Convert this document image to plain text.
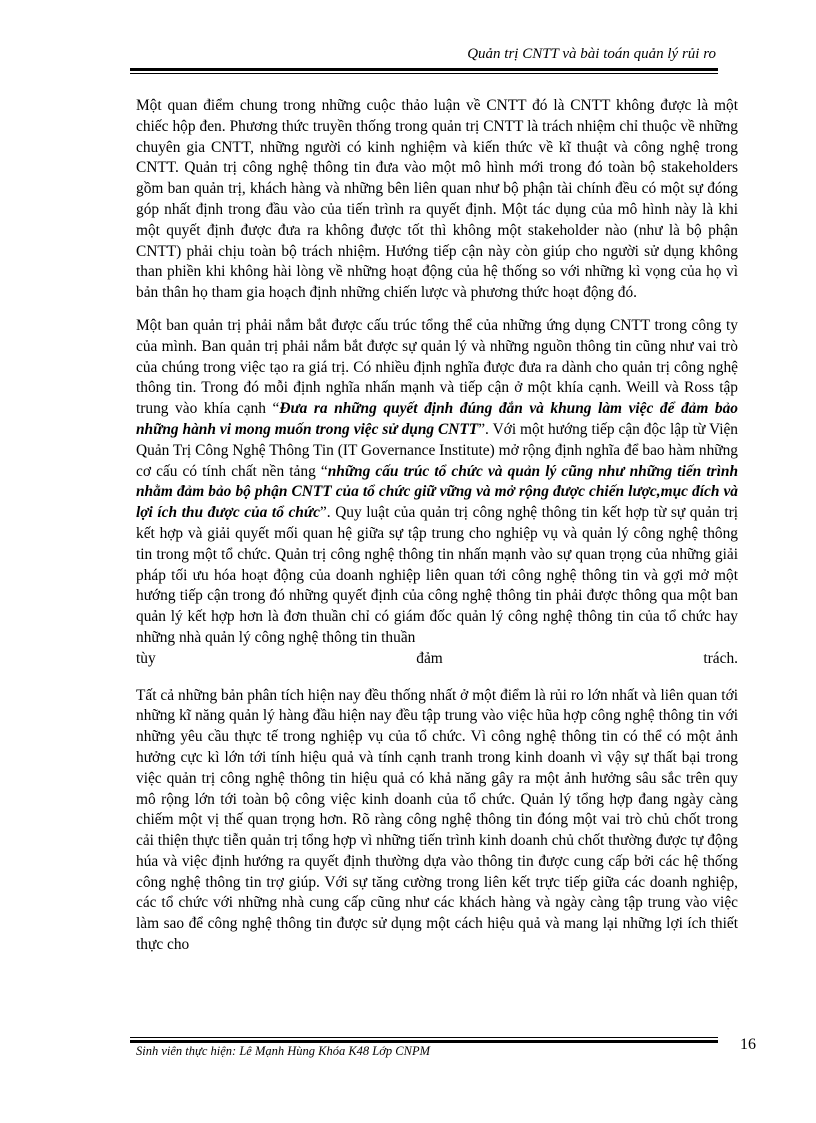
Quản trị CNTT và bài toán quản lý rủi ro

Một quan điểm chung trong những cuộc thảo luận về CNTT đó là CNTT không được là một chiếc hộp đen. Phương thức truyền thống trong quản trị CNTT là trách nhiệm chỉ thuộc về những chuyên gia CNTT, những người có kinh nghiệm và kiến thức về kĩ thuật và công nghệ trong CNTT. Quản trị công nghệ thông tin đưa vào một mô hình mới trong đó toàn bộ stakeholders gồm ban quản trị, khách hàng và những bên liên quan như bộ phận tài chính đều có một sự đóng góp nhất định trong đầu vào của tiến trình ra quyết định. Một tác dụng của mô hình này là khi một quyết định được đưa ra không được tốt thì không một stakeholder nào (như là bộ phận CNTT) phải chịu toàn bộ trách nhiệm. Hướng tiếp cận này còn giúp cho người sử dụng không than phiền khi không hài lòng về những hoạt động của hệ thống so với những kì vọng của họ vì bản thân họ tham gia hoạch định những chiến lược và phương thức hoạt động đó.

Một ban quản trị phải nắm bắt được cấu trúc tổng thể của những ứng dụng CNTT trong công ty của mình. Ban quản trị phải nắm bắt được sự quản lý và những nguồn thông tin cũng như vai trò của chúng trong việc tạo ra giá trị. Có nhiều định nghĩa được đưa ra dành cho quản trị công nghệ thông tin. Trong đó mỗi định nghĩa nhấn mạnh và tiếp cận ở một khía cạnh. Weill và Ross tập trung vào khía cạnh “Đưa ra những quyết định đúng đắn và khung làm việc để đảm bảo những hành vi mong muốn trong việc sử dụng CNTT”. Với một hướng tiếp cận độc lập từ Viện Quản Trị Công Nghệ Thông Tin (IT Governance Institute) mở rộng định nghĩa để bao hàm những cơ cấu có tính chất nền tảng “những cấu trúc tổ chức và quản lý cũng như những tiến trình nhằm đảm bảo bộ phận CNTT của tổ chức giữ vững và mở rộng được chiến lược,mục đích và lợi ích thu được của tổ chức”. Quy luật của quản trị công nghệ thông tin kết hợp từ sự quản trị kết hợp và giải quyết mối quan hệ giữa sự tập trung cho nghiệp vụ và quản lý công nghệ thông tin trong một tổ chức. Quản trị công nghệ thông tin nhấn mạnh vào sự quan trọng của những giải pháp tối ưu hóa hoạt động của doanh nghiệp liên quan tới công nghệ thông tin và gợi mở một hướng tiếp cận trong đó những quyết định của công nghệ thông tin phải được thông qua một ban quản lý kết hợp hơn là đơn thuần chỉ có giám đốc quản lý công nghệ thông tin của tổ chức hay những nhà quản lý công nghệ thông tin thuần

tùy	đảm	trách.

Tất cả những bản phân tích hiện nay đều thống nhất ở một điểm là rủi ro lớn nhất và liên quan tới những kĩ năng quản lý hàng đầu hiện nay đều tập trung vào việc hũa hợp công nghệ thông tin với những yêu cầu thực tế trong nghiệp vụ của tổ chức. Vì công nghệ thông tin có thể có một ảnh hưởng cực kì lớn tới tính hiệu quả và tính cạnh tranh trong kinh doanh vì vậy sự thất bại trong việc quản trị công nghệ thông tin hiệu quả có khả năng gây ra một ảnh hưởng sâu sắc trên quy mô rộng lớn tới toàn bộ công việc kinh doanh của tổ chức. Quản lý tổng hợp đang ngày càng chiếm một vị thế quan trọng hơn. Rõ ràng công nghệ thông tin đóng một vai trò chủ chốt trong cải thiện thực tiễn quản trị tổng hợp vì những tiến trình kinh doanh chủ chốt thường được tự động húa và việc định hướng ra quyết định thường dựa vào thông tin được cung cấp bởi các hệ thống công nghệ thông tin trợ giúp. Với sự tăng cường trong liên kết trực tiếp giữa các doanh nghiệp, các tổ chức với những nhà cung cấp cũng như các khách hàng và ngày càng tập trung vào việc làm sao để công nghệ thông tin được sử dụng một cách hiệu quả và mang lại những lợi ích thiết thực cho

Sinh viên thực hiện: Lê Mạnh Hùng Khóa K48 Lớp CNPM	16
